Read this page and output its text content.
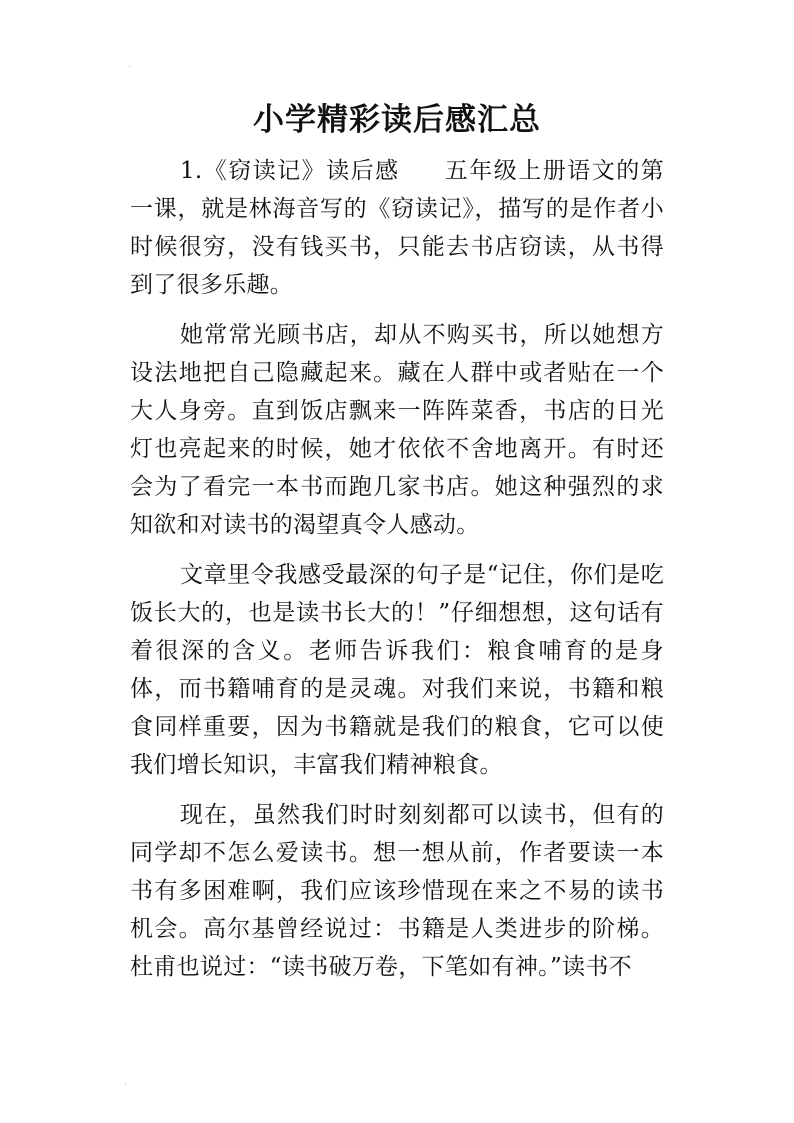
.
小学精彩读后感汇总

1.《窃读记》读后感 五年级上册语文的第一课，就是林海音写的《窃读记》，描写的是作者小时候很穷，没有钱买书，只能去书店窃读，从书得到了很多乐趣。

她常常光顾书店，却从不购买书，所以她想方设法地把自己隐藏起来。藏在人群中或者贴在一个大人身旁。直到饭店飘来一阵阵菜香，书店的日光灯也亮起来的时候，她才依依不舍地离开。有时还会为了看完一本书而跑几家书店。她这种强烈的求知欲和对读书的渴望真令人感动。

文章里令我感受最深的句子是“记住，你们是吃饭长大的，也是读书长大的！”仔细想想，这句话有着很深的含义。老师告诉我们：粮食哺育的是身体，而书籍哺育的是灵魂。对我们来说，书籍和粮食同样重要，因为书籍就是我们的粮食，它可以使我们增长知识，丰富我们精神粮食。

现在，虽然我们时时刻刻都可以读书，但有的同学却不怎么爱读书。想一想从前，作者要读一本书有多困难啊，我们应该珍惜现在来之不易的读书机会。高尔基曾经说过：书籍是人类进步的阶梯。杜甫也说过：“读书破万卷，下笔如有神。”读书不

.
